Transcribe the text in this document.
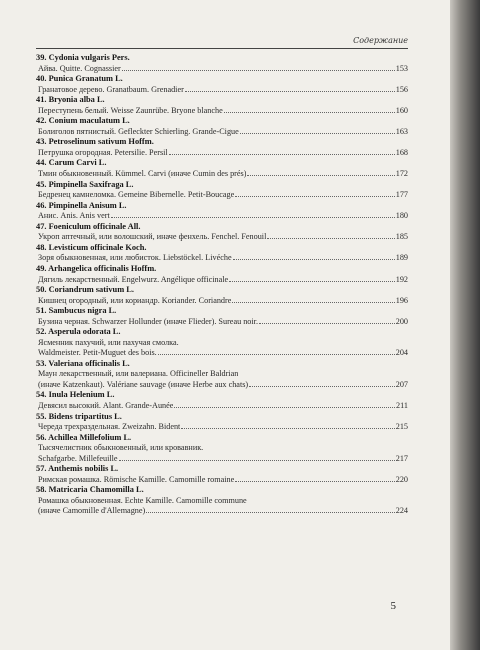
Содержание
39. Cydonia vulgaris Pers.
Айва. Quitte. Cognassier	153
40. Punica Granatum L.
Гранатовое дерево. Granatbaum. Grenadier	156
41. Bryonia alba L.
Переступень белый. Weisse Zaunrübe. Bryone blanche	160
42. Conium maculatum L.
Болиголов пятнистый. Gefleckter Schierling. Grande-Cigue	163
43. Petroselinum sativum Hoffm.
Петрушка огородная. Petersilie. Persil	168
44. Carum Carvi L.
Тмин обыкновенный. Kümmel. Carvi (иначе Cumin des prés)	172
45. Pimpinella Saxifraga L.
Бедренец камнеломка. Gemeine Bibernelle. Petit-Boucage	177
46. Pimpinella Anisum L.
Анис. Anis. Anis vert	180
47. Foeniculum officinale All.
Укроп аптечный, или волошский, иначе фенхель. Fenchel. Fenouil	185
48. Levisticum officinale Koch.
Зоря обыкновенная, или любисток. Liebstöckel. Livéche	189
49. Arhangelica officinalis Hoffm.
Дягиль лекарственный. Engelwurz. Angélique officinale	192
50. Coriandrum sativum L.
Кишнец огородный, или кориандр. Koriander. Coriandre	196
51. Sambucus nigra L.
Бузина черная. Schwarzer Hollunder (иначе Flieder). Sureau noir.	200
52. Asperula odorata L.
Ясменник пахучий, или пахучая смолка.
Waldmeister. Petit-Muguet des bois.	204
53. Valeriana officinalis L.
Маун лекарственный, или валериана. Officineller Baldrian
(иначе Katzenkaut). Valériane sauvage (иначе Herbe aux chats)	207
54. Inula Helenium L.
Девясил высокий. Alant. Grande-Aunée	211
55. Bidens tripartitus L.
Череда трехраздельная. Zweizahn. Bident	215
56. Achillea Millefolium L.
Тысячелистник обыкновенный, или кровавник.
Schafgarbe. Millefeuille	217
57. Anthemis nobilis L.
Римская ромашка. Römische Kamille. Camomille romaine	220
58. Matricaria Chamomilla L.
Ромашка обыкновенная. Echte Kamille. Camomille commune
(иначе Camomille d'Allemagne)	224
5
